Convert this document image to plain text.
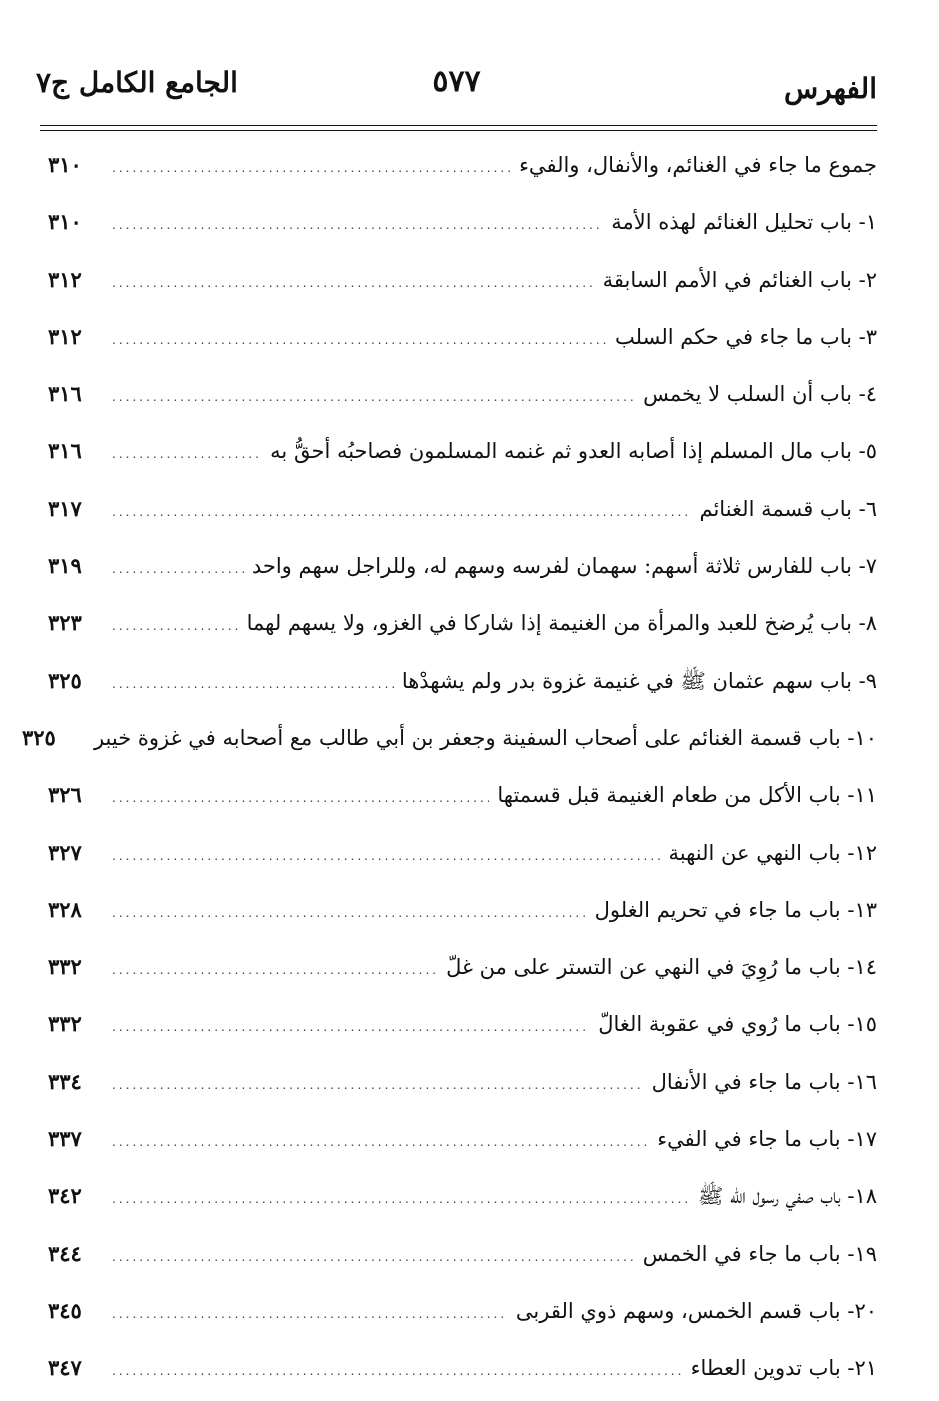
الفهرس
٥٧٧
الجامع الكامل ج٧
جموع ما جاء في الغنائم، والأنفال، والفيء
.....
٣١٠
١- باب تحليل الغنائم لهذه الأمة
.....
٣١٠
٢- باب الغنائم في الأمم السابقة
.....
٣١٢
٣- باب ما جاء في حكم السلب
.....
٣١٢
٤- باب أن السلب لا يخمس
.....
٣١٦
٥- باب مال المسلم إذا أصابه العدو ثم غنمه المسلمون فصاحبُه أحقُّ به
.....
٣١٦
٦- باب قسمة الغنائم
.....
٣١٧
٧- باب للفارس ثلاثة أسهم: سهمان لفرسه وسهم له، وللراجل سهم واحد
.....
٣١٩
٨- باب يُرضخ للعبد والمرأة من الغنيمة إذا شاركا في الغزو، ولا يسهم لهما
.....
٣٢٣
٩- باب سهم عثمان ﷺ في غنيمة غزوة بدر ولم يشهدْها
.....
٣٢٥
١٠- باب قسمة الغنائم على أصحاب السفينة وجعفر بن أبي طالب مع أصحابه في غزوة خيبر
٣٢٥
١١- باب الأكل من طعام الغنيمة قبل قسمتها
.....
٣٢٦
١٢- باب النهي عن النهبة
.....
٣٢٧
١٣- باب ما جاء في تحريم الغلول
.....
٣٢٨
١٤- باب ما رُوِيَ في النهي عن التستر على من غلّ
.....
٣٣٢
١٥- باب ما رُوي في عقوبة الغالّ
.....
٣٣٢
١٦- باب ما جاء في الأنفال
.....
٣٣٤
١٧- باب ما جاء في الفيء
.....
٣٣٧
١٨- باب صفي رسول الله ﷺ
.....
٣٤٢
١٩- باب ما جاء في الخمس
.....
٣٤٤
٢٠- باب قسم الخمس، وسهم ذوي القربى
.....
٣٤٥
٢١- باب تدوين العطاء
.....
٣٤٧
